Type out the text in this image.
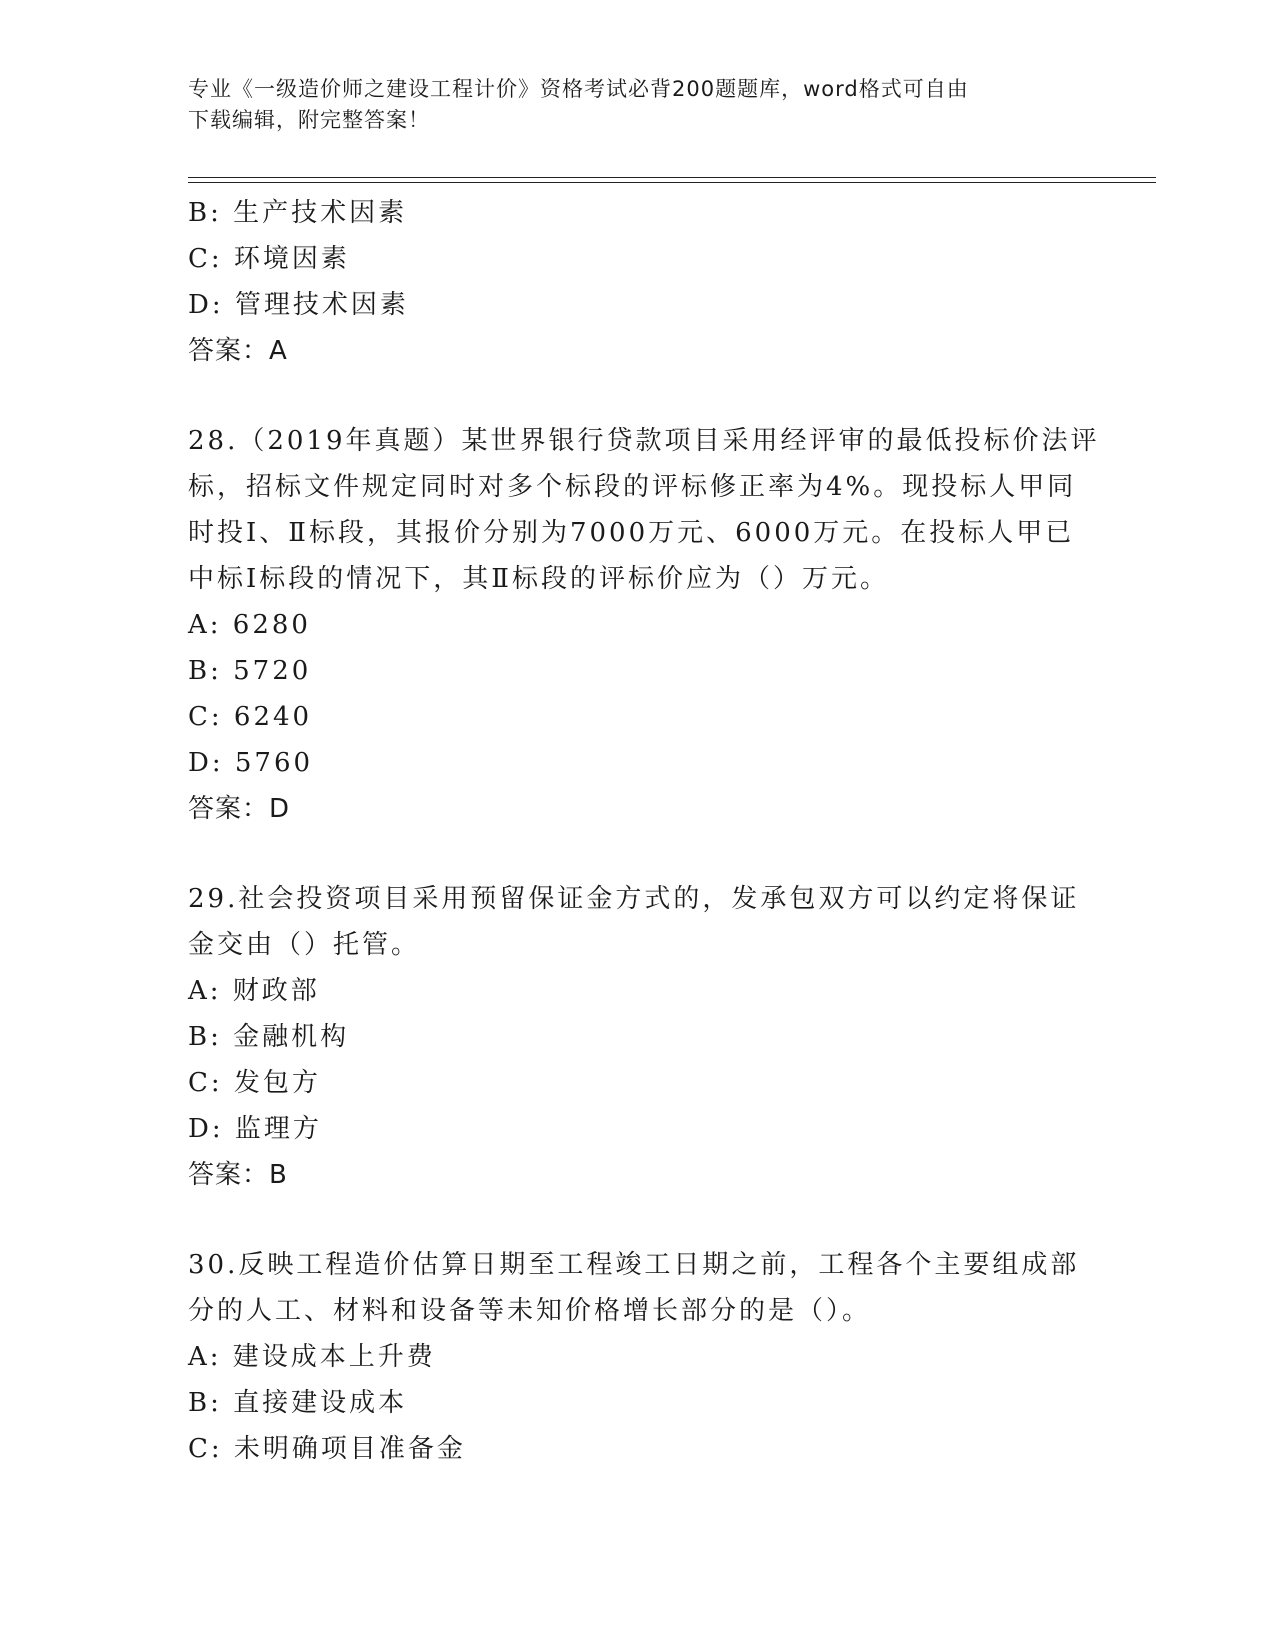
专业《一级造价师之建设工程计价》资格考试必背200题题库，word格式可自由
下载编辑，附完整答案！
B: 生产技术因素
C: 环境因素
D: 管理技术因素
答案：A
28.（2019年真题）某世界银行贷款项目采用经评审的最低投标价法评
标，招标文件规定同时对多个标段的评标修正率为4%。现投标人甲同
时投Ⅰ、Ⅱ标段，其报价分别为7000万元、6000万元。在投标人甲已
中标Ⅰ标段的情况下，其Ⅱ标段的评标价应为（）万元。
A: 6280
B: 5720
C: 6240
D: 5760
答案：D
29.社会投资项目采用预留保证金方式的，发承包双方可以约定将保证
金交由（）托管。
A: 财政部
B: 金融机构
C: 发包方
D: 监理方
答案：B
30.反映工程造价估算日期至工程竣工日期之前，工程各个主要组成部
分的人工、材料和设备等未知价格增长部分的是（）。
A: 建设成本上升费
B: 直接建设成本
C: 未明确项目准备金
